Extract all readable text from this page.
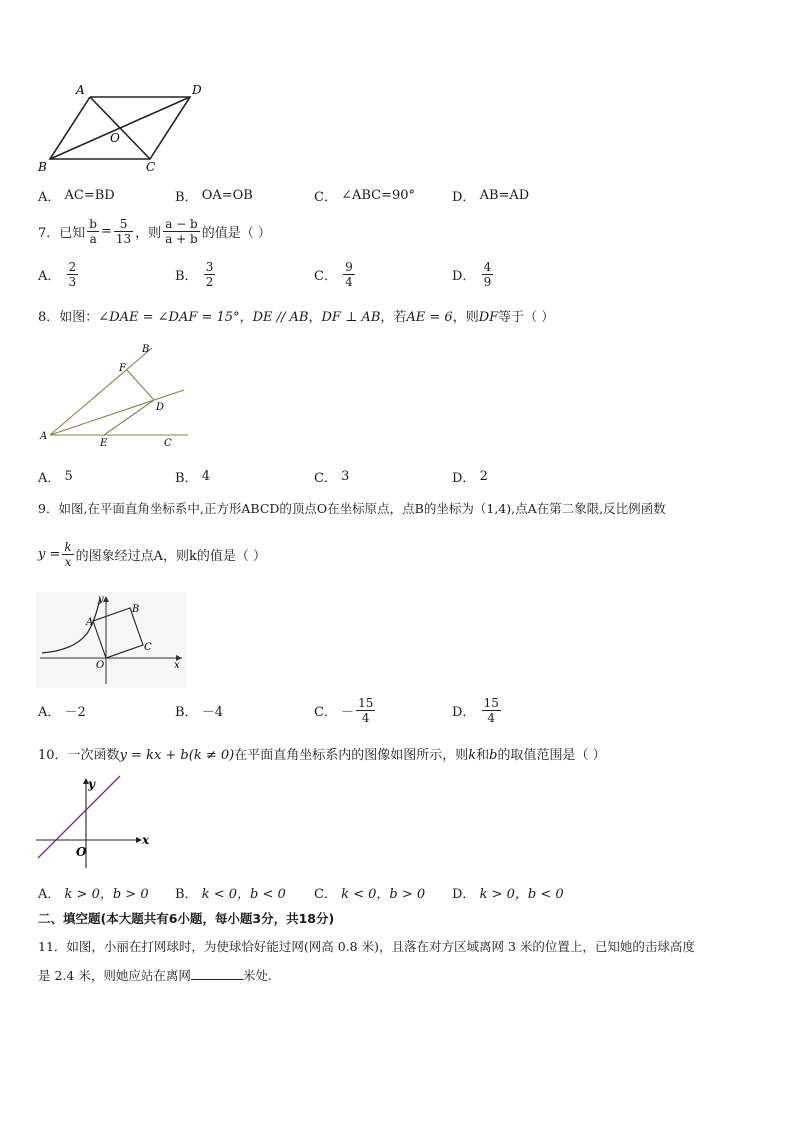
A	D
O
B	C
A．
AC=BD	B．
OA=OB	C．
∠ABC=90°	D．
AB=AD
7． 已知 $\frac{b}{a} = \frac{5}{13}$ ，则 $\frac{a - b}{a + b}$ 的值是（ ）
A．
$\frac{2}{3}$	B．
$\frac{3}{2}$	C．
$\frac{9}{4}$	D．
$\frac{4}{9}$
8．如图：∠DAE = ∠DAF = 15°，DE // AB，DF ⊥ AB，若AE = 6，则DF等于（ ）
B
F
D
A
E	C
A．
5	B．
4	C．
3	D．
2
9．如图,在平面直角坐标系中,正方形ABCD的顶点O在坐标原点，点B的坐标为（1,4),点A在第二象限,反比例函数
$y = \frac{k}{x}$ 的图象经过点A，则k的值是（ ）
y
B
A
C
O	x
A．
－2	B．
－4	C．
－ $\frac{15}{4}$	D．
$\frac{15}{4}$
10．一次函数y = kx + b(k ≠ 0)在平面直角坐标系内的图像如图所示，则k和b的取值范围是（ ）
y
x
O
A．
k > 0，b > 0 B．
k < 0，b < 0 C．
k < 0，b > 0 D．
k > 0，b < 0
二、填空题(本大题共有6小题，每小题3分，共18分)
11．如图，小丽在打网球时，为使球恰好能过网(网高 0.8 米)，且落在对方区域离网 3 米的位置上，已知她的击球高度
是 2.4 米，则她应站在离网	米处.
